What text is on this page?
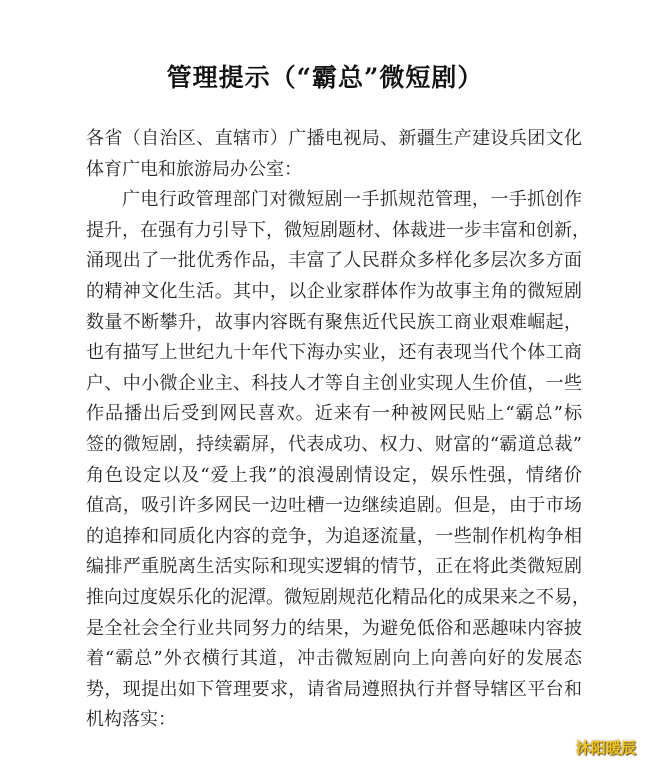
管理提示（“霸总”微短剧）
各省（自治区、直辖市）广播电视局、新疆生产建设兵团文化
体育广电和旅游局办公室：
广电行政管理部门对微短剧一手抓规范管理，一手抓创作
提升，在强有力引导下，微短剧题材、体裁进一步丰富和创新，
涌现出了一批优秀作品，丰富了人民群众多样化多层次多方面
的精神文化生活。其中，以企业家群体作为故事主角的微短剧
数量不断攀升，故事内容既有聚焦近代民族工商业艰难崛起，
也有描写上世纪九十年代下海办实业，还有表现当代个体工商
户、中小微企业主、科技人才等自主创业实现人生价值，一些
作品播出后受到网民喜欢。近来有一种被网民贴上“霸总”标
签的微短剧，持续霸屏，代表成功、权力、财富的“霸道总裁”
角色设定以及“爱上我”的浪漫剧情设定，娱乐性强，情绪价
值高，吸引许多网民一边吐槽一边继续追剧。但是，由于市场
的追捧和同质化内容的竞争，为追逐流量，一些制作机构争相
编排严重脱离生活实际和现实逻辑的情节，正在将此类微短剧
推向过度娱乐化的泥潭。微短剧规范化精品化的成果来之不易，
是全社会全行业共同努力的结果，为避免低俗和恶趣味内容披
着“霸总”外衣横行其道，冲击微短剧向上向善向好的发展态
势，现提出如下管理要求，请省局遵照执行并督导辖区平台和
机构落实：
沐阳暖辰
